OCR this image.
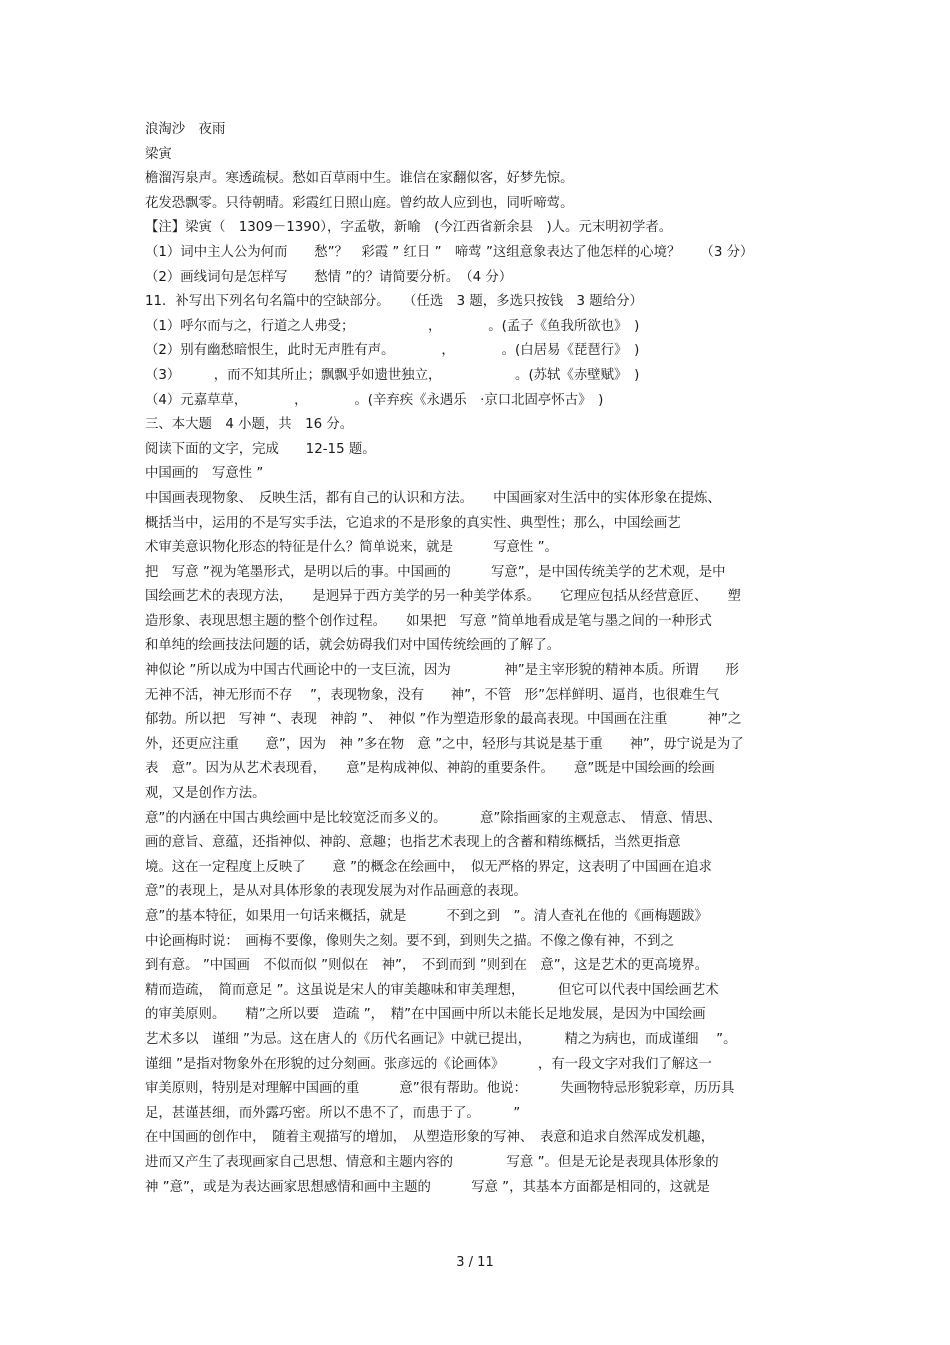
浪淘沙　夜雨
梁寅
檐溜泻泉声。寒透疏棂。愁如百草雨中生。谁信在家翻似客，好梦先惊。
花发恐飘零。只待朝晴。彩霞红日照山庭。曾约故人应到也，同听啼莺。
【注】梁寅（　1309－1390），字孟敬，新喻　(今江西省新余县　)人。元末明初学者。
（1）词中主人公为何而　　愁”？　彩霞 ” 红日 ”　啼莺 ”这组意象表达了他怎样的心境？　　（3 分）
（2）画线词句是怎样写　　愁情 ”的？请简要分析。　（4 分）
11．补写出下列名句名篇中的空缺部分。　　（任选　3 题，多选只按钱　3 题给分）
（1）呼尔而与之，行道之人弗受；　　　　　　，　　　　。(孟子《鱼我所欲也》　)
（2）别有幽愁暗恨生，此时无声胜有声。　　　　，　　　　。(白居易《琵琶行》　)
（3）　　　，而不知其所止；飘飘乎如遗世独立，　　　　　　。(苏轼《赤壁赋》　)
（4）元嘉草草，　　　　，　　　　。(辛弃疾《永遇乐　·京口北固亭怀古》　)
三、本大题　4 小题，共　16 分。
阅读下面的文字，完成　　12-15 题。
中国画的　写意性 ”
中国画表现物象、　反映生活，都有自己的认识和方法。　　中国画家对生活中的实体形象在提炼、
概括当中，运用的不是写实手法，它追求的不是形象的真实性、典型性；那么，中国绘画艺
术审美意识物化形态的特征是什么？简单说来，就是　　　写意性 ”。
把　写意 ”视为笔墨形式，是明以后的事。中国画的　　　写意”，是中国传统美学的艺术观，是中
国绘画艺术的表现方法，　　是迥异于西方美学的另一种美学体系。　　它理应包括从经营意匠、　　塑
造形象、表现思想主题的整个创作过程。　　如果把　写意 ”简单地看成是笔与墨之间的一种形式
和单纯的绘画技法问题的话，就会妨碍我们对中国传统绘画的了解了。
神似论 ”所以成为中国古代画论中的一支巨流，因为　　　　神”是主宰形貌的精神本质。所谓　　形
无神不活，神无形而不存　 ”，表现物象，没有　　神”，不管　形”怎样鲜明、逼肖，也很难生气
郁勃。所以把　写神 “、表现　神韵 ”、　神似 ”作为塑造形象的最高表现。中国画在注重　　　神”之
外，还更应注重　　意”，因为　神 ”多在物　意 ”之中，轻形与其说是基于重　　神”，毋宁说是为了
表　意”。因为从艺术表现看，　　意”是构成神似、神韵的重要条件。　　意”既是中国绘画的绘画
观，又是创作方法。
意”的内涵在中国古典绘画中是比较宽泛而多义的。　　　意”除指画家的主观意志、　情意、情思、
画的意旨、意蕴，还指神似、神韵、意趣；也指艺术表现上的含蓄和精练概括，当然更指意
境。这在一定程度上反映了　　意 ”的概念在绘画中，　似无严格的界定，这表明了中国画在追求
意”的表现上，是从对具体形象的表现发展为对作品画意的表现。
意”的基本特征，如果用一句话来概括，就是　　　不到之到　”。清人查礼在他的《画梅题跋》
中论画梅时说：　画梅不要像，像则失之刻。要不到，到则失之描。不像之像有神，不到之
到有意。 ”中国画　不似而似 ”则似在　神”，　不到而到 ”则到在　意”，这是艺术的更高境界。
精而造疏，　简而意足 ”。这虽说是宋人的审美趣味和审美理想，　　　但它可以代表中国绘画艺术
的审美原则。　　精”之所以要　造疏 ”，　精”在中国画中所以未能长足地发展，是因为中国绘画
艺术多以　谨细 ”为忌。这在唐人的《历代名画记》中就已提出，　　　精之为病也，而成谨细　 ”。
谨细 ”是指对物象外在形貌的过分刻画。张彦远的《论画体》　　　，有一段文字对我们了解这一
审美原则，特别是对理解中国画的重　　　意”很有帮助。他说：　　　失画物特忌形貌彩章，历历具
足，甚谨甚细，而外露巧密。所以不患不了，而患于了。　　　”
在中国画的创作中，　随着主观描写的增加，　从塑造形象的写神、　表意和追求自然浑成发机趣，
进而又产生了表现画家自己思想、情意和主题内容的　　　　写意 ”。但是无论是表现具体形象的
神 ”意”，或是为表达画家思想感情和画中主题的　　　写意 ”，其基本方面都是相同的，这就是
3 / 11
